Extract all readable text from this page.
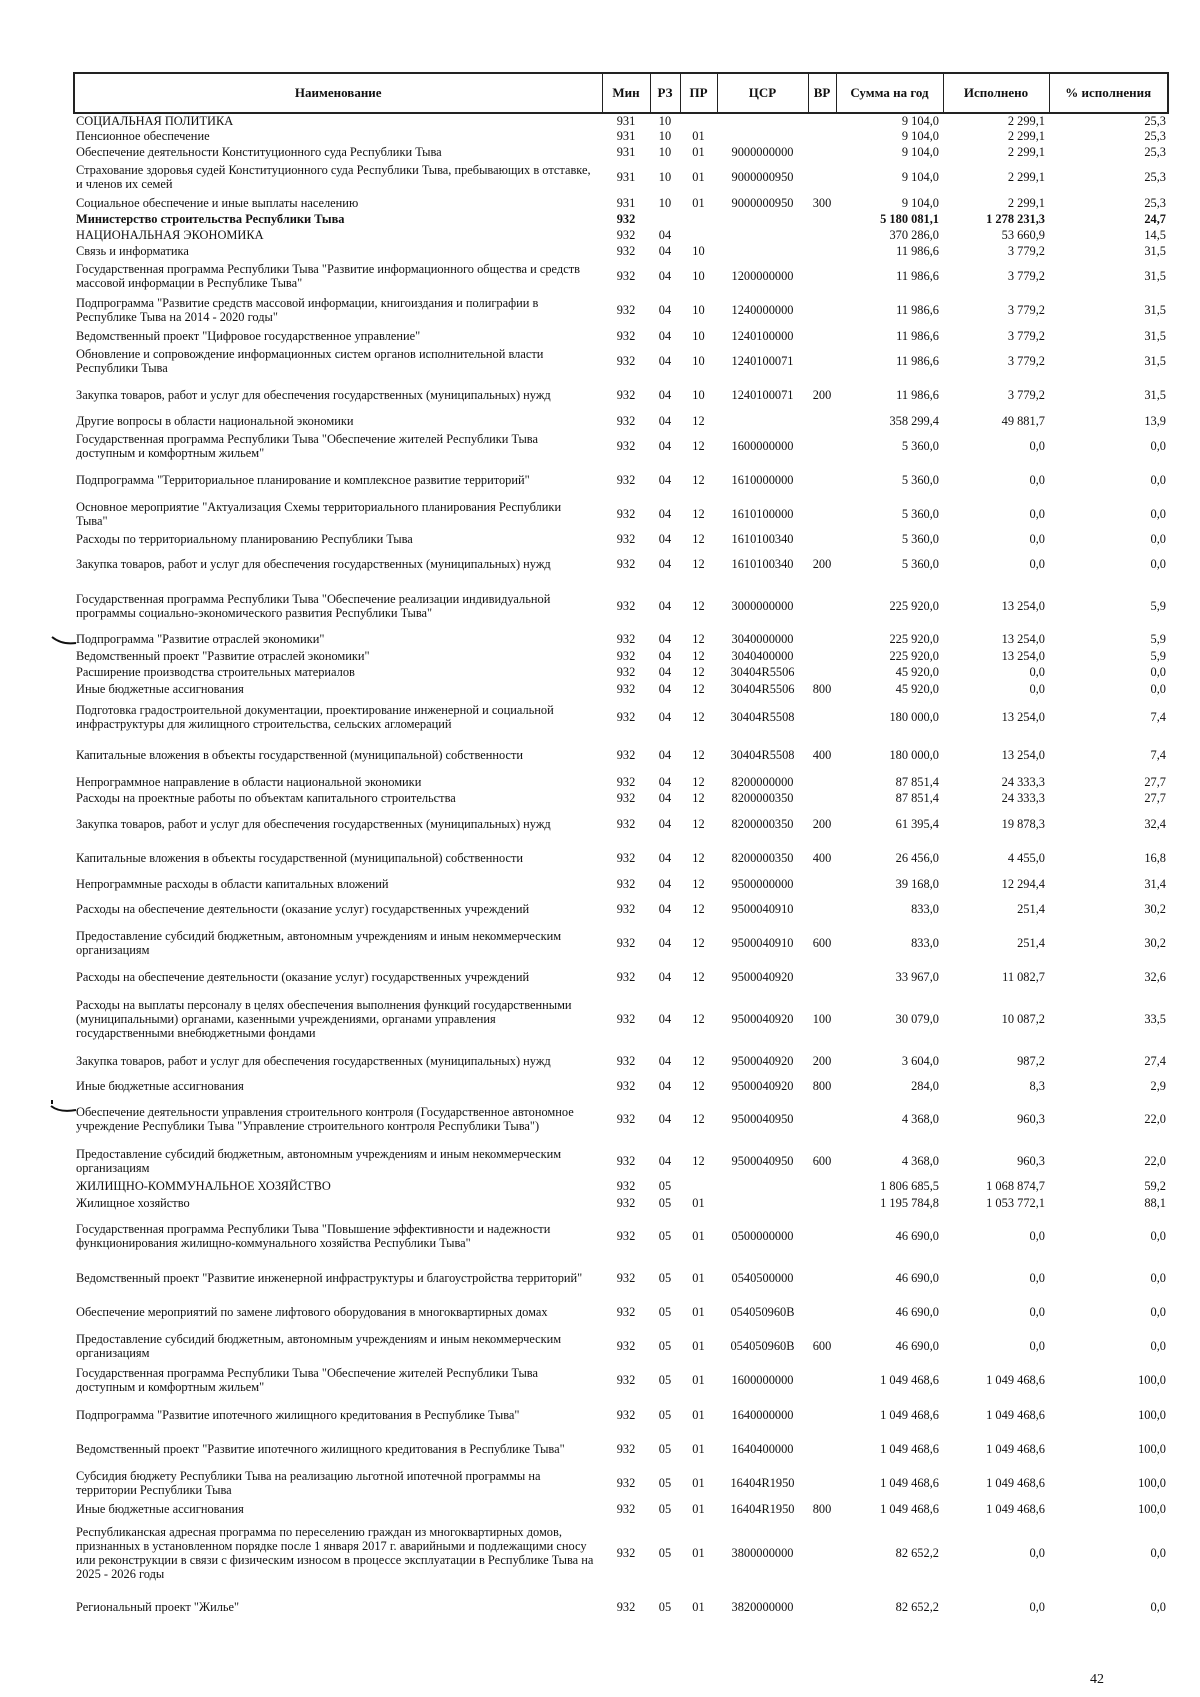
Наименование	Мин	РЗ	ПР	ЦСР	ВР	Сумма на год	Исполнено	% исполнения
СОЦИАЛЬНАЯ ПОЛИТИКА	931	10				9 104,0	2 299,1	25,3
Пенсионное обеспечение	931	10	01			9 104,0	2 299,1	25,3
Обеспечение деятельности Конституционного суда Республики Тыва	931	10	01	9000000000		9 104,0	2 299,1	25,3
Страхование здоровья судей Конституционного суда Республики Тыва, пребывающих в отставке, и членов их семей	931	10	01	9000000950		9 104,0	2 299,1	25,3
Социальное обеспечение и иные выплаты населению	931	10	01	9000000950	300	9 104,0	2 299,1	25,3
Министерство строительства Республики Тыва	932					5 180 081,1	1 278 231,3	24,7
НАЦИОНАЛЬНАЯ ЭКОНОМИКА	932	04				370 286,0	53 660,9	14,5
Связь и информатика	932	04	10			11 986,6	3 779,2	31,5
Государственная программа Республики Тыва "Развитие информационного общества и средств массовой информации в Республике Тыва"	932	04	10	1200000000		11 986,6	3 779,2	31,5
Подпрограмма "Развитие средств массовой информации, книгоиздания и полиграфии в Республике Тыва на 2014 - 2020 годы"	932	04	10	1240000000		11 986,6	3 779,2	31,5
Ведомственный проект "Цифровое государственное управление"	932	04	10	1240100000		11 986,6	3 779,2	31,5
Обновление и сопровождение информационных систем органов исполнительной власти Республики Тыва	932	04	10	1240100071		11 986,6	3 779,2	31,5
Закупка товаров, работ и услуг для обеспечения государственных (муниципальных) нужд	932	04	10	1240100071	200	11 986,6	3 779,2	31,5
Другие вопросы в области национальной экономики	932	04	12			358 299,4	49 881,7	13,9
Государственная программа Республики Тыва "Обеспечение жителей Республики Тыва доступным и комфортным жильем"	932	04	12	1600000000		5 360,0	0,0	0,0
Подпрограмма "Территориальное планирование и комплексное развитие территорий"	932	04	12	1610000000		5 360,0	0,0	0,0
Основное мероприятие "Актуализация Схемы территориального планирования Республики Тыва"	932	04	12	1610100000		5 360,0	0,0	0,0
Расходы по территориальному планированию Республики Тыва	932	04	12	1610100340		5 360,0	0,0	0,0
Закупка товаров, работ и услуг для обеспечения государственных (муниципальных) нужд	932	04	12	1610100340	200	5 360,0	0,0	0,0
Государственная программа Республики Тыва "Обеспечение реализации индивидуальной программы социально-экономического развития Республики Тыва"	932	04	12	3000000000		225 920,0	13 254,0	5,9
Подпрограмма "Развитие отраслей экономики"	932	04	12	3040000000		225 920,0	13 254,0	5,9
Ведомственный проект "Развитие отраслей экономики"	932	04	12	3040400000		225 920,0	13 254,0	5,9
Расширение производства строительных материалов	932	04	12	30404R5506		45 920,0	0,0	0,0
Иные бюджетные ассигнования	932	04	12	30404R5506	800	45 920,0	0,0	0,0
Подготовка градостроительной документации, проектирование инженерной и социальной инфраструктуры для жилищного строительства, сельских агломераций	932	04	12	30404R5508		180 000,0	13 254,0	7,4
Капитальные вложения в объекты государственной (муниципальной) собственности	932	04	12	30404R5508	400	180 000,0	13 254,0	7,4
Непрограммное направление в области национальной экономики	932	04	12	8200000000		87 851,4	24 333,3	27,7
Расходы на проектные работы по объектам капитального строительства	932	04	12	8200000350		87 851,4	24 333,3	27,7
Закупка товаров, работ и услуг для обеспечения государственных (муниципальных) нужд	932	04	12	8200000350	200	61 395,4	19 878,3	32,4
Капитальные вложения в объекты государственной (муниципальной) собственности	932	04	12	8200000350	400	26 456,0	4 455,0	16,8
Непрограммные расходы в области капитальных вложений	932	04	12	9500000000		39 168,0	12 294,4	31,4
Расходы на обеспечение деятельности (оказание услуг) государственных учреждений	932	04	12	9500040910		833,0	251,4	30,2
Предоставление субсидий бюджетным, автономным учреждениям и иным некоммерческим организациям	932	04	12	9500040910	600	833,0	251,4	30,2
Расходы на обеспечение деятельности (оказание услуг) государственных учреждений	932	04	12	9500040920		33 967,0	11 082,7	32,6
Расходы на выплаты персоналу в целях обеспечения выполнения функций государственными (муниципальными) органами, казенными учреждениями, органами управления государственными внебюджетными фондами	932	04	12	9500040920	100	30 079,0	10 087,2	33,5
Закупка товаров, работ и услуг для обеспечения государственных (муниципальных) нужд	932	04	12	9500040920	200	3 604,0	987,2	27,4
Иные бюджетные ассигнования	932	04	12	9500040920	800	284,0	8,3	2,9
Обеспечение деятельности управления строительного контроля (Государственное автономное учреждение Республики Тыва "Управление строительного контроля Республики Тыва")	932	04	12	9500040950		4 368,0	960,3	22,0
Предоставление субсидий бюджетным, автономным учреждениям и иным некоммерческим организациям	932	04	12	9500040950	600	4 368,0	960,3	22,0
ЖИЛИЩНО-КОММУНАЛЬНОЕ ХОЗЯЙСТВО	932	05				1 806 685,5	1 068 874,7	59,2
Жилищное хозяйство	932	05	01			1 195 784,8	1 053 772,1	88,1
Государственная программа Республики Тыва "Повышение эффективности и надежности функционирования жилищно-коммунального хозяйства Республики Тыва"	932	05	01	0500000000		46 690,0	0,0	0,0
Ведомственный проект "Развитие инженерной инфраструктуры и благоустройства территорий"	932	05	01	0540500000		46 690,0	0,0	0,0
Обеспечение мероприятий по замене лифтового оборудования в многоквартирных домах	932	05	01	054050960В		46 690,0	0,0	0,0
Предоставление субсидий бюджетным, автономным учреждениям и иным некоммерческим организациям	932	05	01	054050960В	600	46 690,0	0,0	0,0
Государственная программа Республики Тыва "Обеспечение жителей Республики Тыва доступным и комфортным жильем"	932	05	01	1600000000		1 049 468,6	1 049 468,6	100,0
Подпрограмма "Развитие ипотечного жилищного кредитования в Республике Тыва"	932	05	01	1640000000		1 049 468,6	1 049 468,6	100,0
Ведомственный проект "Развитие ипотечного жилищного кредитования в Республике Тыва"	932	05	01	1640400000		1 049 468,6	1 049 468,6	100,0
Субсидия бюджету Республики Тыва на реализацию льготной ипотечной программы на территории Республики Тыва	932	05	01	16404R1950		1 049 468,6	1 049 468,6	100,0
Иные бюджетные ассигнования	932	05	01	16404R1950	800	1 049 468,6	1 049 468,6	100,0
Республиканская адресная программа по переселению граждан из многоквартирных домов, признанных в установленном порядке после 1 января 2017 г. аварийными и подлежащими сносу или реконструкции в связи с физическим износом в процессе эксплуатации в Республике Тыва на 2025 - 2026 годы	932	05	01	3800000000		82 652,2	0,0	0,0
Региональный проект "Жилье"	932	05	01	3820000000		82 652,2	0,0	0,0
42
